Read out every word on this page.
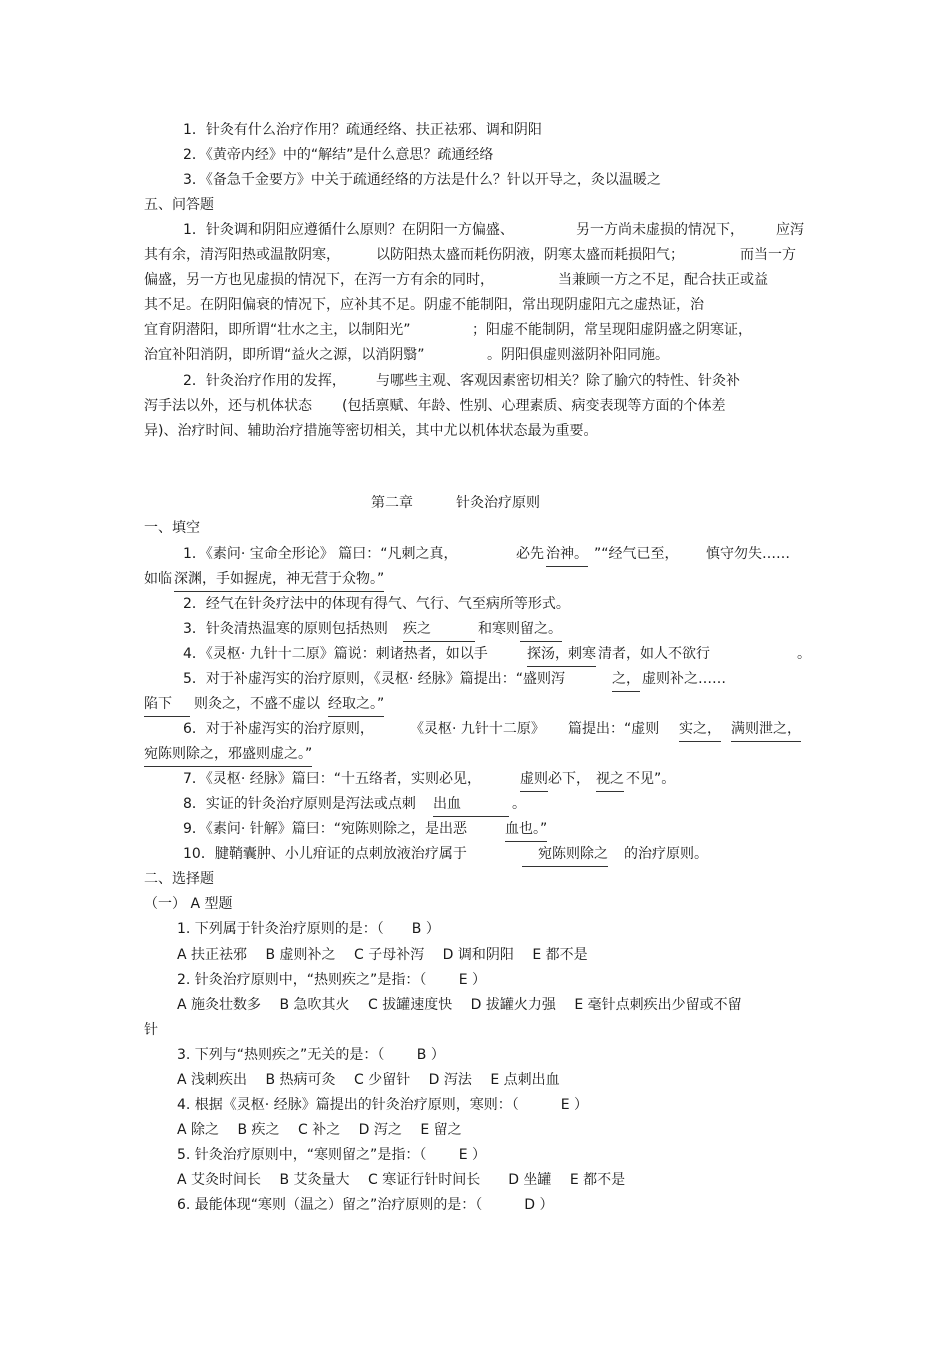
1．针灸有什么治疗作用？疏通经络、扶正祛邪、调和阴阳
2．《黄帝内经》中的“解结”是什么意思？疏通经络
3．《备急千金要方》中关于疏通经络的方法是什么？针以开导之，灸以温暖之
五、问答题
1．针灸调和阴阳应遵循什么原则？在阴阳一方偏盛、	另一方尚未虚损的情况下， 应泻
其有余，清泻阳热或温散阴寒，	以防阳热太盛而耗伤阴液，阴寒太盛而耗损阳气；	而当一方
偏盛，另一方也见虚损的情况下，在泻一方有余的同时，	当兼顾一方之不足，配合扶正或益
其不足。在阴阳偏衰的情况下，应补其不足。阴虚不能制阳，常出现阴虚阳亢之虚热证，治
宜育阴潜阳，即所谓“壮水之主，以制阳光”	；阳虚不能制阴，常呈现阳虚阴盛之阴寒证，
治宜补阳消阴，即所谓“益火之源，以消阴翳”	。阴阳俱虚则滋阴补阳同施。
2．针灸治疗作用的发挥， 与哪些主观、客观因素密切相关？除了腧穴的特性、针灸补
泻手法以外，还与机体状态 (包括禀赋、年龄、性别、心理素质、病变表现等方面的个体差
异)、治疗时间、辅助治疗措施等密切相关，其中尤以机体状态最为重要。
第二章	针灸治疗原则
一、填空
1．《素问· 宝命全形论》 篇曰：“凡刺之真，	必先 治神。 ”“经气已至， 慎守勿失……
如临 深渊，手如握虎，神无营于众物。”
2．经气在针灸疗法中的体现有得气、气行、气至病所等形式。
3．针灸清热温寒的原则包括热则 疾之	和寒则 留之。
4．《灵枢· 九针十二原》篇说：刺诸热者，如以手	探汤， 刺寒 清者，如人不欲行	。
5．对于补虚泻实的治疗原则，《灵枢· 经脉》篇提出：“盛则泻	之， 虚则补之……
陷下	则灸之，不盛不虚以 经取之。”
6．对于补虚泻实的治疗原则，	《灵枢· 九针十二原》 篇提出：“虚则 实之， 满则泄之，
宛陈则除之，邪盛则虚之。”
7．《灵枢· 经脉》篇曰：“十五络者，实则必见，	虚则 必下， 视之 不见”。
8．实证的针灸治疗原则是泻法或点刺 出血	。
9．《素问· 针解》篇曰：“宛陈则除之，是出恶	血也。”
10．腱鞘囊肿、小儿疳证的点刺放液治疗属于	宛陈则除之 的治疗原则。
二、选择题
（一） A 型题
1. 下列属于针灸治疗原则的是：（　　B ）
A 扶正祛邪　 B 虚则补之　 C 子母补泻　 D 调和阴阳　 E 都不是
2. 针灸治疗原则中，“热则疾之”是指：（　　 E ）
A 施灸壮数多　 B 急吹其火　 C 拔罐速度快　 D 拔罐火力强　 E 毫针点刺疾出少留或不留
针
3. 下列与“热则疾之”无关的是：（　　 B ）
A 浅刺疾出　 B 热病可灸　 C 少留针　 D 泻法　 E 点刺出血
4. 根据《灵枢· 经脉》篇提出的针灸治疗原则，寒则：（　　　E ）
A 除之　 B 疾之　 C 补之　 D 泻之　 E 留之
5. 针灸治疗原则中，“寒则留之”是指：（　　 E ）
A 艾灸时间长　 B 艾灸量大　 C 寒证行针时间长　　D 坐罐　 E 都不是
6. 最能体现“寒则（温之）留之”治疗原则的是：（　　　D ）
